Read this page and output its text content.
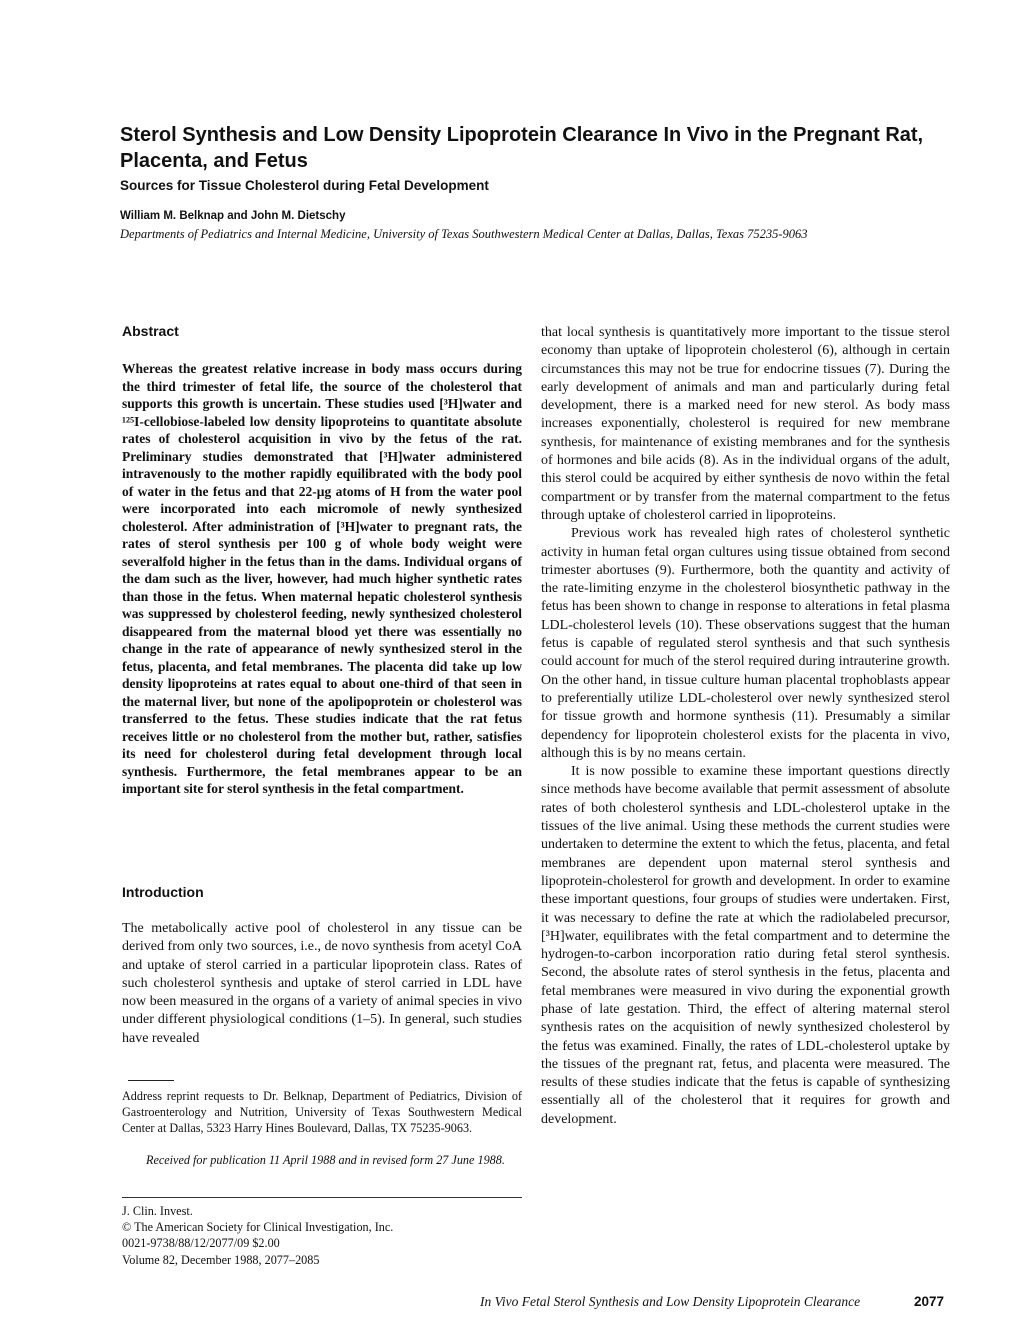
Sterol Synthesis and Low Density Lipoprotein Clearance In Vivo in the Pregnant Rat, Placenta, and Fetus
Sources for Tissue Cholesterol during Fetal Development
William M. Belknap and John M. Dietschy
Departments of Pediatrics and Internal Medicine, University of Texas Southwestern Medical Center at Dallas, Dallas, Texas 75235-9063
Abstract

Whereas the greatest relative increase in body mass occurs during the third trimester of fetal life, the source of the cholesterol that supports this growth is uncertain. These studies used [³H]water and ¹²⁵I-cellobiose-labeled low density lipoproteins to quantitate absolute rates of cholesterol acquisition in vivo by the fetus of the rat. Preliminary studies demonstrated that [³H]water administered intravenously to the mother rapidly equilibrated with the body pool of water in the fetus and that 22-μg atoms of H from the water pool were incorporated into each micromole of newly synthesized cholesterol. After administration of [³H]water to pregnant rats, the rates of sterol synthesis per 100 g of whole body weight were severalfold higher in the fetus than in the dams. Individual organs of the dam such as the liver, however, had much higher synthetic rates than those in the fetus. When maternal hepatic cholesterol synthesis was suppressed by cholesterol feeding, newly synthesized cholesterol disappeared from the maternal blood yet there was essentially no change in the rate of appearance of newly synthesized sterol in the fetus, placenta, and fetal membranes. The placenta did take up low density lipoproteins at rates equal to about one-third of that seen in the maternal liver, but none of the apolipoprotein or cholesterol was transferred to the fetus. These studies indicate that the rat fetus receives little or no cholesterol from the mother but, rather, satisfies its need for cholesterol during fetal development through local synthesis. Furthermore, the fetal membranes appear to be an important site for sterol synthesis in the fetal compartment.

Introduction

The metabolically active pool of cholesterol in any tissue can be derived from only two sources, i.e., de novo synthesis from acetyl CoA and uptake of sterol carried in a particular lipoprotein class. Rates of such cholesterol synthesis and uptake of sterol carried in LDL have now been measured in the organs of a variety of animal species in vivo under different physiological conditions (1–5). In general, such studies have revealed

Address reprint requests to Dr. Belknap, Department of Pediatrics, Division of Gastroenterology and Nutrition, University of Texas Southwestern Medical Center at Dallas, 5323 Harry Hines Boulevard, Dallas, TX 75235-9063.

Received for publication 11 April 1988 and in revised form 27 June 1988.

J. Clin. Invest.
© The American Society for Clinical Investigation, Inc.
0021-9738/88/12/2077/09 $2.00
Volume 82, December 1988, 2077–2085

that local synthesis is quantitatively more important to the tissue sterol economy than uptake of lipoprotein cholesterol (6), although in certain circumstances this may not be true for endocrine tissues (7). During the early development of animals and man and particularly during fetal development, there is a marked need for new sterol. As body mass increases exponentially, cholesterol is required for new membrane synthesis, for maintenance of existing membranes and for the synthesis of hormones and bile acids (8). As in the individual organs of the adult, this sterol could be acquired by either synthesis de novo within the fetal compartment or by transfer from the maternal compartment to the fetus through uptake of cholesterol carried in lipoproteins.

Previous work has revealed high rates of cholesterol synthetic activity in human fetal organ cultures using tissue obtained from second trimester abortuses (9). Furthermore, both the quantity and activity of the rate-limiting enzyme in the cholesterol biosynthetic pathway in the fetus has been shown to change in response to alterations in fetal plasma LDL-cholesterol levels (10). These observations suggest that the human fetus is capable of regulated sterol synthesis and that such synthesis could account for much of the sterol required during intrauterine growth. On the other hand, in tissue culture human placental trophoblasts appear to preferentially utilize LDL-cholesterol over newly synthesized sterol for tissue growth and hormone synthesis (11). Presumably a similar dependency for lipoprotein cholesterol exists for the placenta in vivo, although this is by no means certain.

It is now possible to examine these important questions directly since methods have become available that permit assessment of absolute rates of both cholesterol synthesis and LDL-cholesterol uptake in the tissues of the live animal. Using these methods the current studies were undertaken to determine the extent to which the fetus, placenta, and fetal membranes are dependent upon maternal sterol synthesis and lipoprotein-cholesterol for growth and development. In order to examine these important questions, four groups of studies were undertaken. First, it was necessary to define the rate at which the radiolabeled precursor, [³H]water, equilibrates with the fetal compartment and to determine the hydrogen-to-carbon incorporation ratio during fetal sterol synthesis. Second, the absolute rates of sterol synthesis in the fetus, placenta and fetal membranes were measured in vivo during the exponential growth phase of late gestation. Third, the effect of altering maternal sterol synthesis rates on the acquisition of newly synthesized cholesterol by the fetus was examined. Finally, the rates of LDL-cholesterol uptake by the tissues of the pregnant rat, fetus, and placenta were measured. The results of these studies indicate that the fetus is capable of synthesizing essentially all of the cholesterol that it requires for growth and development.

In Vivo Fetal Sterol Synthesis and Low Density Lipoprotein Clearance	2077
